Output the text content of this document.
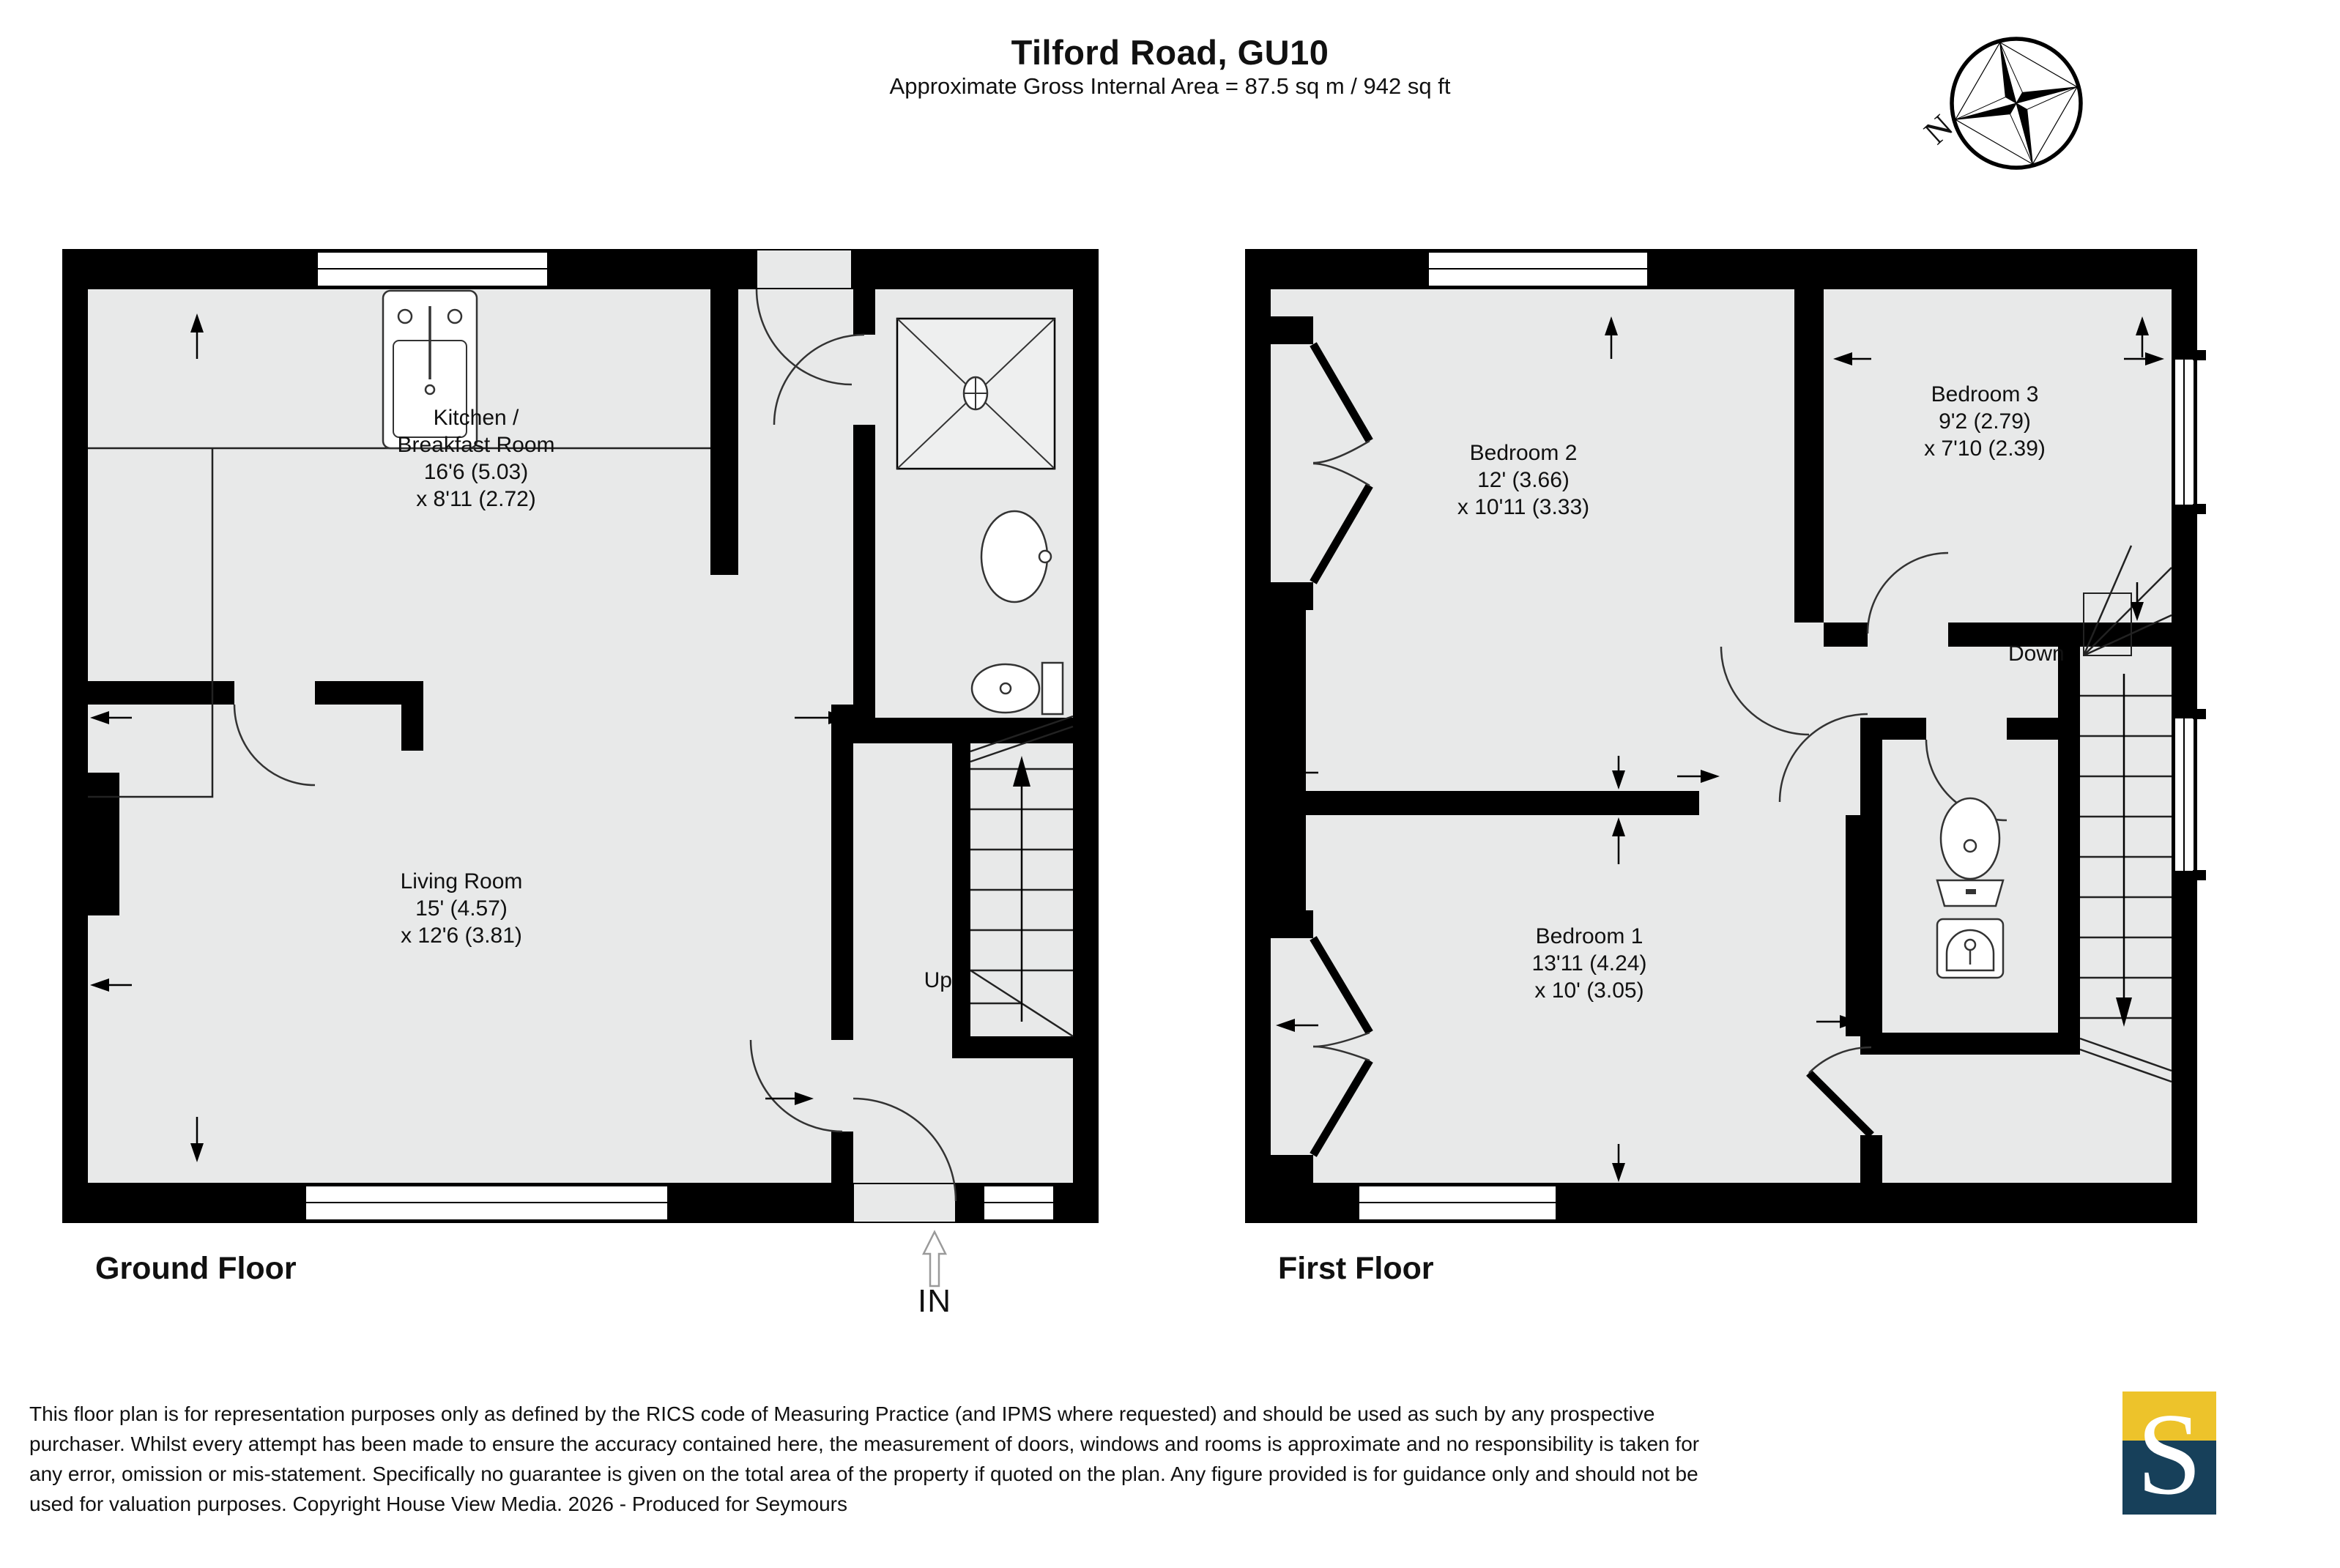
Tilford Road, GU10
Approximate Gross Internal Area = 87.5 sq m / 942 sq ft
N
Kitchen /
Breakfast Room
16'6 (5.03)
x 8'11 (2.72)
Living Room
15' (4.57)
x 12'6 (3.81)
Bedroom 2
12' (3.66)
x 10'11 (3.33)
Bedroom 3
9'2 (2.79)
x 7'10 (2.39)
Bedroom 1
13'11 (4.24)
x 10' (3.05)
Up
Down
IN
Ground Floor	First Floor
This floor plan is for representation purposes only as defined by the RICS code of Measuring Practice (and IPMS where requested) and should be used as such by any prospective
purchaser. Whilst every attempt has been made to ensure the accuracy contained here, the measurement of doors, windows and rooms is approximate and no responsibility is taken for
any error, omission or mis-statement. Specifically no guarantee is given on the total area of the property if quoted on the plan. Any figure provided is for guidance only and should not be
used for valuation purposes. Copyright House View Media. 2026 - Produced for Seymours	S
